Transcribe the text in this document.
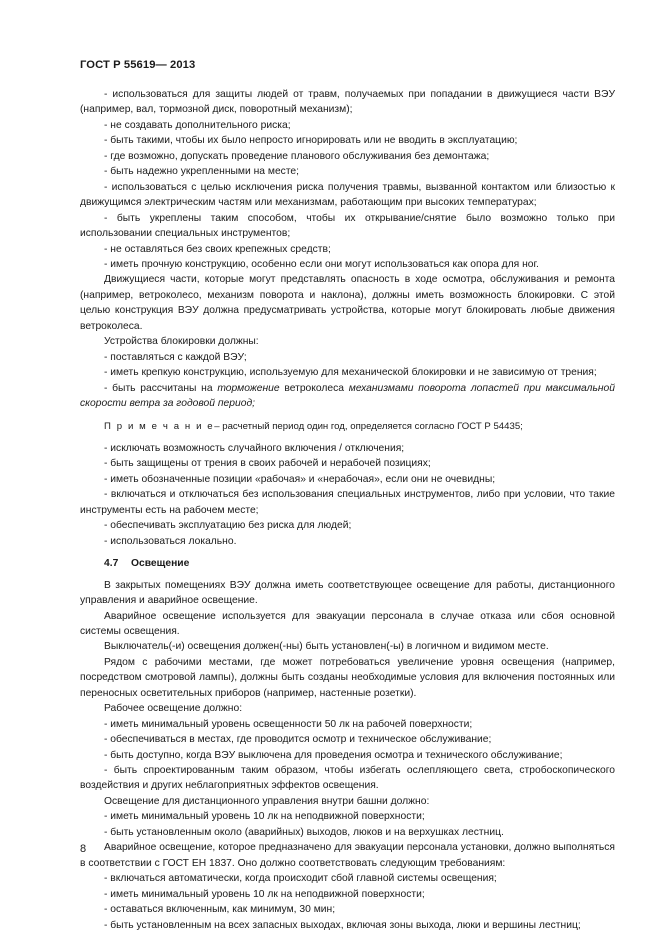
ГОСТ Р 55619— 2013

- использоваться для защиты людей от травм, получаемых при попадании в движущиеся части ВЭУ (например, вал, тормозной диск, поворотный механизм);

- не создавать дополнительного риска;

- быть такими, чтобы их было непросто игнорировать или не вводить в эксплуатацию;

- где возможно, допускать проведение планового обслуживания без демонтажа;

- быть надежно укрепленными на месте;

- использоваться с целью исключения риска получения травмы, вызванной контактом или близостью к движущимся электрическим частям или механизмам, работающим при высоких температурах;

- быть укреплены таким способом, чтобы их открывание/снятие было возможно только при использовании специальных инструментов;

- не оставляться без своих крепежных средств;

- иметь прочную конструкцию, особенно если они могут использоваться как опора для ног.

Движущиеся части, которые могут представлять опасность в ходе осмотра, обслуживания и ремонта (например, ветроколесо, механизм поворота и наклона), должны иметь возможность блокировки. С этой целью конструкция ВЭУ должна предусматривать устройства, которые могут блокировать любые движения ветроколеса.

Устройства блокировки должны:

- поставляться с каждой ВЭУ;

- иметь крепкую конструкцию, используемую для механической блокировки и не зависимую от трения;

- быть рассчитаны на торможение ветроколеса механизмами поворота лопастей при максимальной скорости ветра за годовой период;

П р и м е ч а н и е– расчетный период один год, определяется согласно ГОСТ Р 54435;

- исключать возможность случайного включения / отключения;

- быть защищены от трения в своих рабочей и нерабочей позициях;

- иметь обозначенные позиции «рабочая» и «нерабочая», если они не очевидны;

- включаться и отключаться без использования специальных инструментов, либо при условии, что такие инструменты есть на рабочем месте;

- обеспечивать эксплуатацию без риска для людей;

- использоваться локально.

4.7 Освещение

В закрытых помещениях ВЭУ должна иметь соответствующее освещение для работы, дистанционного управления и аварийное освещение.

Аварийное освещение используется для эвакуации персонала в случае отказа или сбоя основной системы освещения.

Выключатель(-и) освещения должен(-ны) быть установлен(-ы) в логичном и видимом месте.

Рядом с рабочими местами, где может потребоваться увеличение уровня освещения (например, посредством смотровой лампы), должны быть созданы необходимые условия для включения постоянных или переносных осветительных приборов (например, настенные розетки).

Рабочее освещение должно:

- иметь минимальный уровень освещенности 50 лк на рабочей поверхности;

- обеспечиваться в местах, где проводится осмотр и техническое обслуживание;

- быть доступно, когда ВЭУ выключена для проведения осмотра и технического обслуживание;

- быть спроектированным таким образом, чтобы избегать ослепляющего света, стробоскопического воздействия и других неблагоприятных эффектов освещения.

Освещение для дистанционного управления внутри башни должно:

- иметь минимальный уровень 10 лк на неподвижной поверхности;

- быть установленным около (аварийных) выходов, люков и на верхушках лестниц.

Аварийное освещение, которое предназначено для эвакуации персонала установки, должно выполняться в соответствии с ГОСТ ЕН 1837. Оно должно соответствовать следующим требованиям:

- включаться автоматически, когда происходит сбой главной системы освещения;

- иметь минимальный уровень 10 лк на неподвижной поверхности;

- оставаться включенным, как минимум, 30 мин;

- быть установленным на всех запасных выходах, включая зоны выхода, люки и вершины лестниц;

8
